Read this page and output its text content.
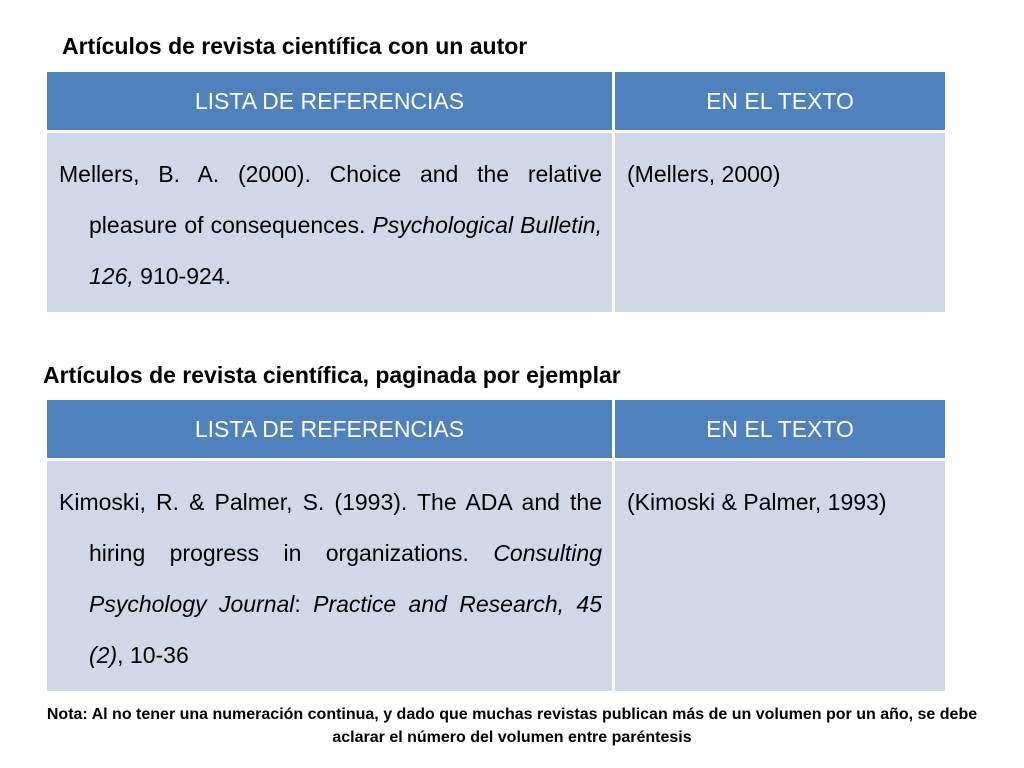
Artículos de revista científica con un autor
LISTA DE REFERENCIAS	EN EL TEXTO

Mellers, B. A. (2000). Choice and the relative pleasure of consequences. Psychological Bulletin, 126, 910-924.	(Mellers, 2000)
Artículos de revista científica, paginada por ejemplar
LISTA DE REFERENCIAS	EN EL TEXTO

Kimoski, R. & Palmer, S. (1993). The ADA and the hiring progress in organizations. Consulting Psychology Journal: Practice and Research, 45 (2), 10-36	(Kimoski & Palmer, 1993)
Nota: Al no tener una numeración continua, y dado que muchas revistas publican más de un volumen por un año, se debe aclarar el número del volumen entre paréntesis
